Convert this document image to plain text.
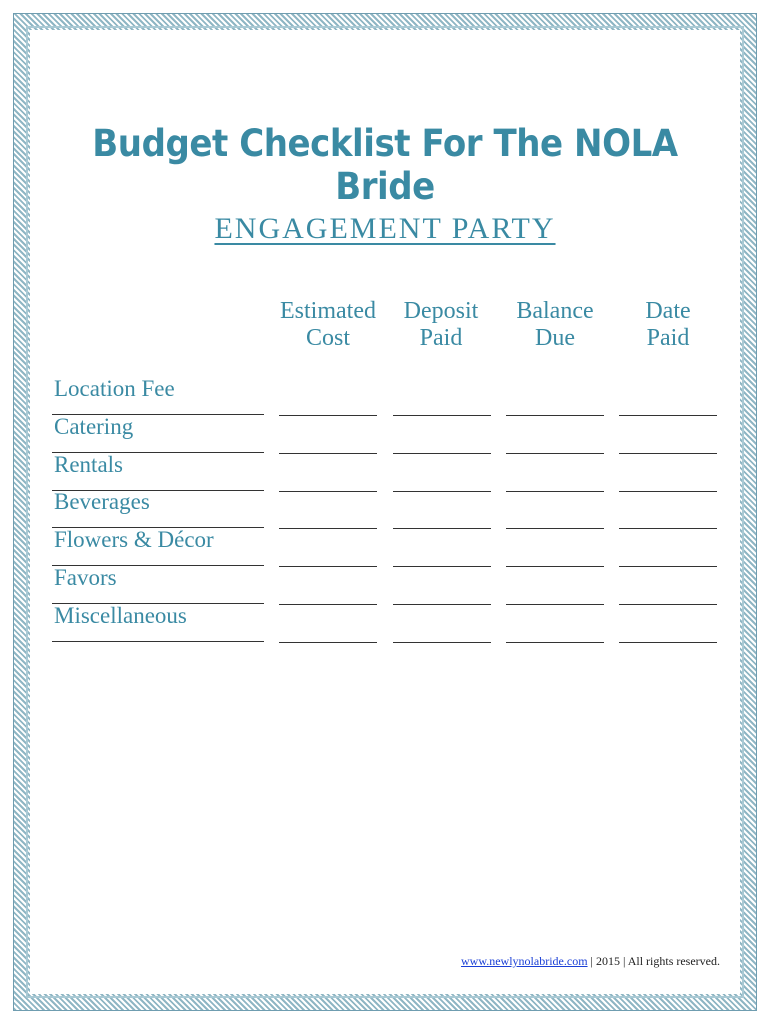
Budget Checklist For The NOLA Bride
ENGAGEMENT PARTY
Estimated
Cost
Deposit
Paid
Balance
Due
Date
Paid
Location Fee
Catering
Rentals
Beverages
Flowers & Décor
Favors
Miscellaneous
www.newlynolabride.com | 2015 | All rights reserved.
